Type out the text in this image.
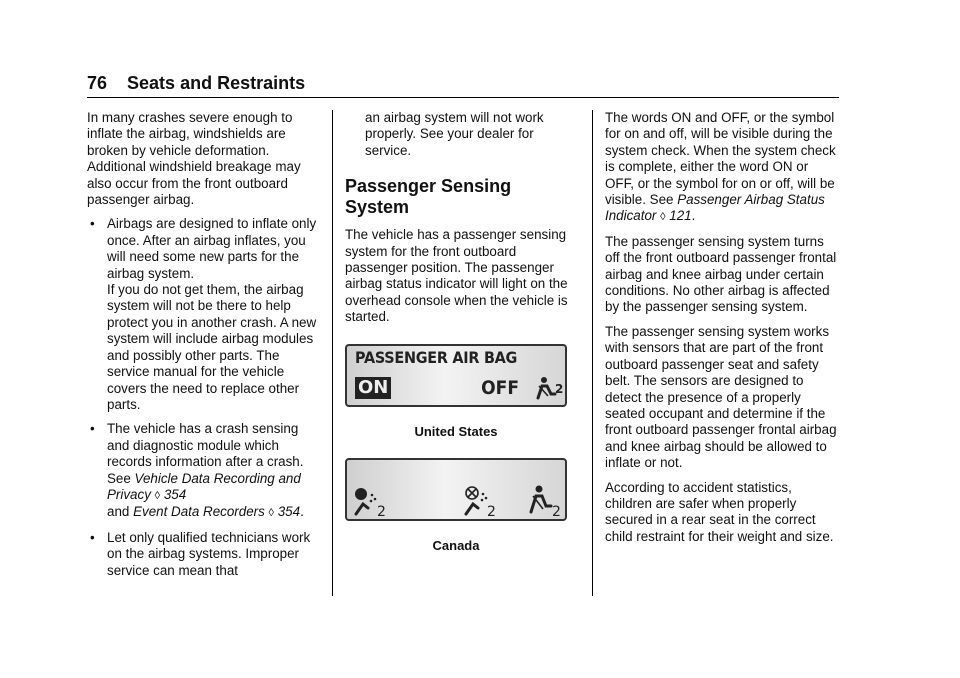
76 Seats and Restraints

In many crashes severe enough to inflate the airbag, windshields are broken by vehicle deformation. Additional windshield breakage may also occur from the front outboard passenger airbag.

• Airbags are designed to inflate only once. After an airbag inflates, you will need some new parts for the airbag system.
If you do not get them, the airbag system will not be there to help protect you in another crash. A new system will include airbag modules and possibly other parts. The service manual for the vehicle covers the need to replace other parts.
• The vehicle has a crash sensing and diagnostic module which records information after a crash. See Vehicle Data Recording and Privacy ◊ 354
and Event Data Recorders ◊ 354.
• Let only qualified technicians work on the airbag systems. Improper service can mean that

an airbag system will not work properly. See your dealer for service.

Passenger Sensing System

The vehicle has a passenger sensing system for the front outboard passenger position. The passenger airbag status indicator will light on the overhead console when the vehicle is started.

PASSENGER AIR BAG
ON	OFF	2
United States
2	2	2
Canada

The words ON and OFF, or the symbol for on and off, will be visible during the system check. When the system check is complete, either the word ON or OFF, or the symbol for on or off, will be visible. See Passenger Airbag Status Indicator ◊ 121.

The passenger sensing system turns off the front outboard passenger frontal airbag and knee airbag under certain conditions. No other airbag is affected by the passenger sensing system.

The passenger sensing system works with sensors that are part of the front outboard passenger seat and safety belt. The sensors are designed to detect the presence of a properly seated occupant and determine if the front outboard passenger frontal airbag and knee airbag should be allowed to inflate or not.

According to accident statistics, children are safer when properly secured in a rear seat in the correct child restraint for their weight and size.
